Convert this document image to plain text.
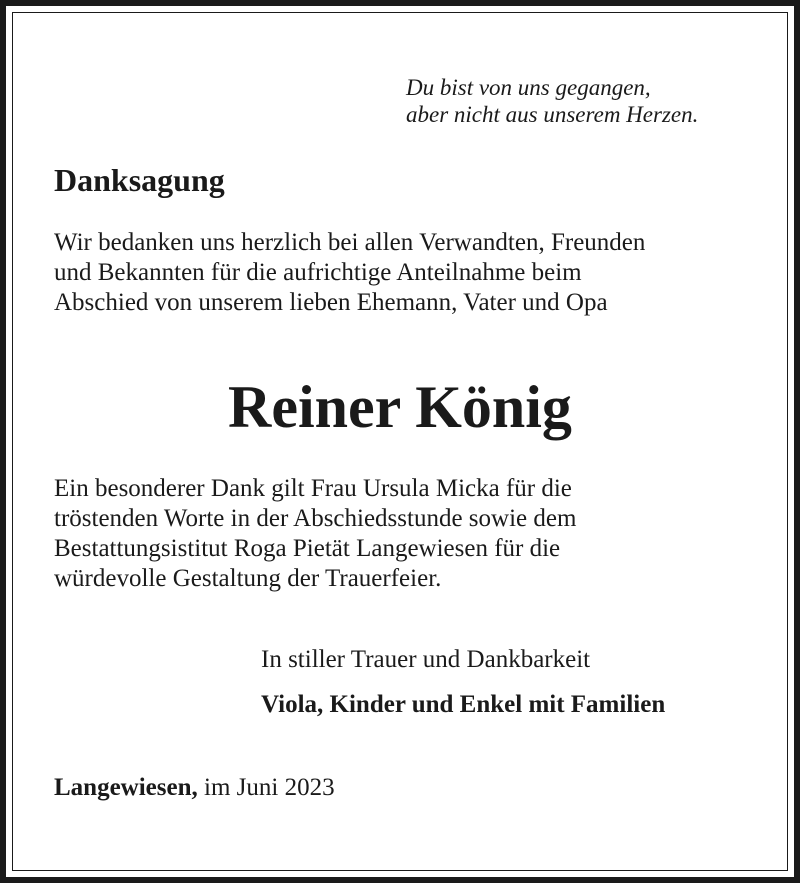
Du bist von uns gegangen,
aber nicht aus unserem Herzen.
Danksagung
Wir bedanken uns herzlich bei allen Verwandten, Freunden
und Bekannten für die aufrichtige Anteilnahme beim
Abschied von unserem lieben Ehemann, Vater und Opa
Reiner König
Ein besonderer Dank gilt Frau Ursula Micka für die
tröstenden Worte in der Abschiedsstunde sowie dem
Bestattungsistitut Roga Pietät Langewiesen für die
würdevolle Gestaltung der Trauerfeier.
In stiller Trauer und Dankbarkeit
Viola, Kinder und Enkel mit Familien
Langewiesen, im Juni 2023
